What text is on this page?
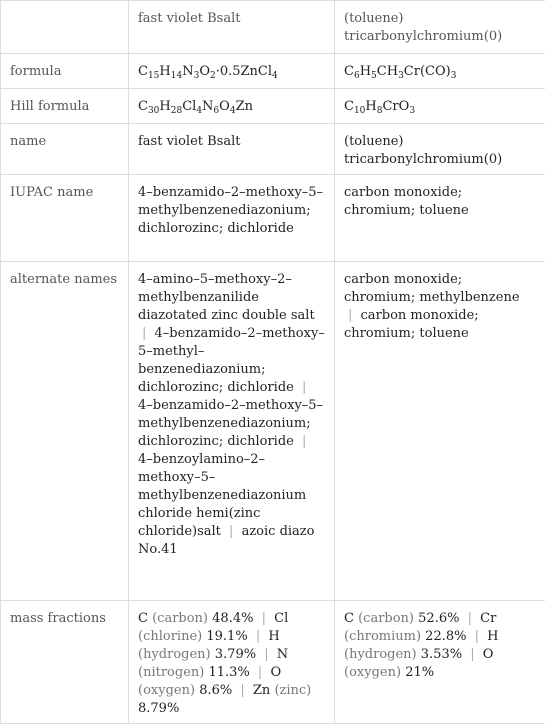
	fast violet Bsalt	(toluene) tricarbonylchromium(0)
formula	$C_{15}H_{14}N_3O_2\cdot 0.5ZnCl_4$	$C_6H_5CH_3Cr(CO)_3$
Hill formula	$C_{30}H_{28}Cl_4N_6O_4Zn$	$C_{10}H_8CrO_3$
name	fast violet Bsalt	(toluene) tricarbonylchromium(0)
IUPAC name	4–benzamido–2–methoxy–5–methylbenzenediazonium; dichlorozinc; dichloride	carbon monoxide; chromium; toluene
alternate names	4–amino–5–methoxy–2–methylbenzanilide diazotated zinc double salt | 4–benzamido–2–methoxy–5–methyl–benzenediazonium; dichlorozinc; dichloride | 4–benzamido–2–methoxy–5–methylbenzenediazonium; dichlorozinc; dichloride | 4–benzoylamino–2–methoxy–5–methylbenzenediazonium chloride hemi(zinc chloride)salt | azoic diazo No.41	carbon monoxide; chromium; methylbenzene | carbon monoxide; chromium; toluene
mass fractions	C (carbon) 48.4% | Cl (chlorine) 19.1% | H (hydrogen) 3.79% | N (nitrogen) 11.3% | O (oxygen) 8.6% | Zn (zinc) 8.79%	C (carbon) 52.6% | Cr (chromium) 22.8% | H (hydrogen) 3.53% | O (oxygen) 21%
